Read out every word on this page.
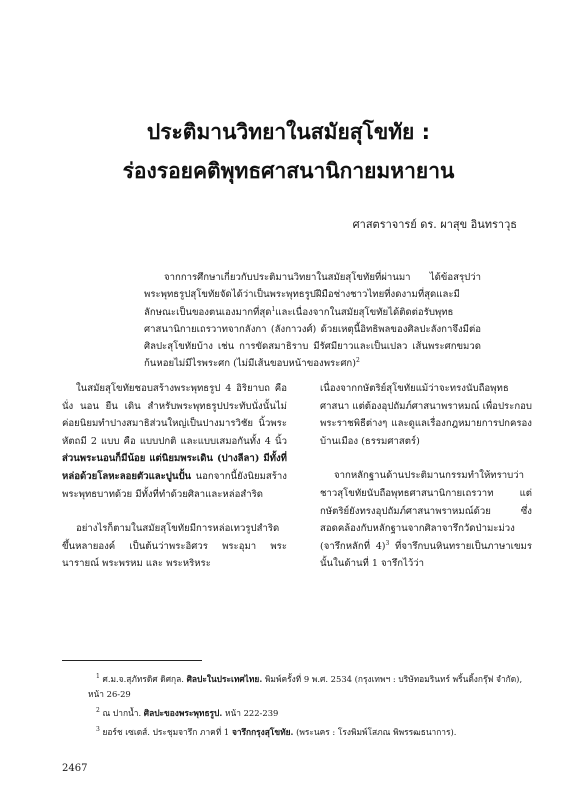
ประติมานวิทยาในสมัยสุโขทัย :
ร่องรอยคติพุทธศาสนานิกายมหายาน

ศาสตราจารย์ ดร. ผาสุข อินทราวุธ

จากการศึกษาเกี่ยวกับประติมานวิทยาในสมัยสุโขทัยที่ผ่านมา ได้ข้อสรุปว่าพระพุทธรูปสุโขทัยจัดได้ว่าเป็นพระพุทธรูปฝีมือช่างชาวไทยที่งดงามที่สุดและมีลักษณะเป็นของตนเองมากที่สุด$^1$และเนื่องจากในสมัยสุโขทัยได้ติดต่อรับพุทธศาสนานิกายเถรวาทจากลังกา (ลังกาวงศ์) ด้วยเหตุนี้อิทธิพลของศิลปะลังกาจึงมีต่อศิลปะสุโขทัยบ้าง เช่น การขัดสมาธิราบ มีรัศมียาวและเป็นเปลว เส้นพระศกขมวดก้นหอยไม่มีไรพระศก (ไม่มีเส้นขอบหน้าของพระศก)$^2$

ในสมัยสุโขทัยชอบสร้างพระพุทธรูป 4 อิริยาบถ คือ นั่ง นอน ยืน เดิน สำหรับพระพุทธรูปประทับนั่งนั้นไม่ค่อยนิยมทำปางสมาธิส่วนใหญ่เป็นปางมารวิชัย นิ้วพระหัตถมี 2 แบบ คือ แบบปกติ และแบบเสมอกันทั้ง 4 นิ้ว ส่วนพระนอนก็มีน้อย แต่นิยมพระเดิน (ปางลีลา) มีทั้งที่หล่อด้วยโลหะลอยตัวและปูนปั้น นอกจากนี้ยังนิยมสร้างพระพุทธบาทด้วย มีทั้งที่ทำด้วยศิลาและหล่อสำริด

อย่างไรก็ตามในสมัยสุโขทัยมีการหล่อเทวรูปสำริด ขึ้นหลายองค์ เป็นต้นว่าพระอิศวร พระอุมา พระนารายณ์ พระพรหม และ พระหริหระ

เนื่องจากกษัตริย์สุโขทัยแม้ว่าจะทรงนับถือพุทธศาสนา แต่ต้องอุปถัมภ์ศาสนาพราหมณ์ เพื่อประกอบพระราชพิธีต่างๆ และดูแลเรื่องกฎหมายการปกครองบ้านเมือง (ธรรมศาสตร์)

จากหลักฐานด้านประติมานกรรมทำให้ทราบว่าชาวสุโขทัยนับถือพุทธศาสนานิกายเถรวาท แต่กษัตริย์ยังทรงอุปถัมภ์ศาสนาพราหมณ์ด้วย ซึ่งสอดคล้องกับหลักฐานจากศิลาจารึกวัดป่ามะม่วง (จารึกหลักที่ 4)$^3$ ที่จารึกบนหินทรายเป็นภาษาเขมร นั้นในด้านที่ 1 จารึกไว้ว่า

$^1$ ศ.ม.จ.สุภัทรดิศ ดิศกุล. ศิลปะในประเทศไทย. พิมพ์ครั้งที่ 9 พ.ศ. 2534 (กรุงเทพฯ : บริษัทอมรินทร์ พริ้นติ้งกรุ๊ฟ จำกัด), หน้า 26-29

$^2$ ณ ปากน้ำ. ศิลปะของพระพุทธรูป. หน้า 222-239

$^3$ ยอร์ช เซเดส์. ประชุมจารึก ภาคที่ 1 จารึกกรุงสุโขทัย. (พระนคร : โรงพิมพ์โสภณ พิพรรฒธนาการ).

2467
